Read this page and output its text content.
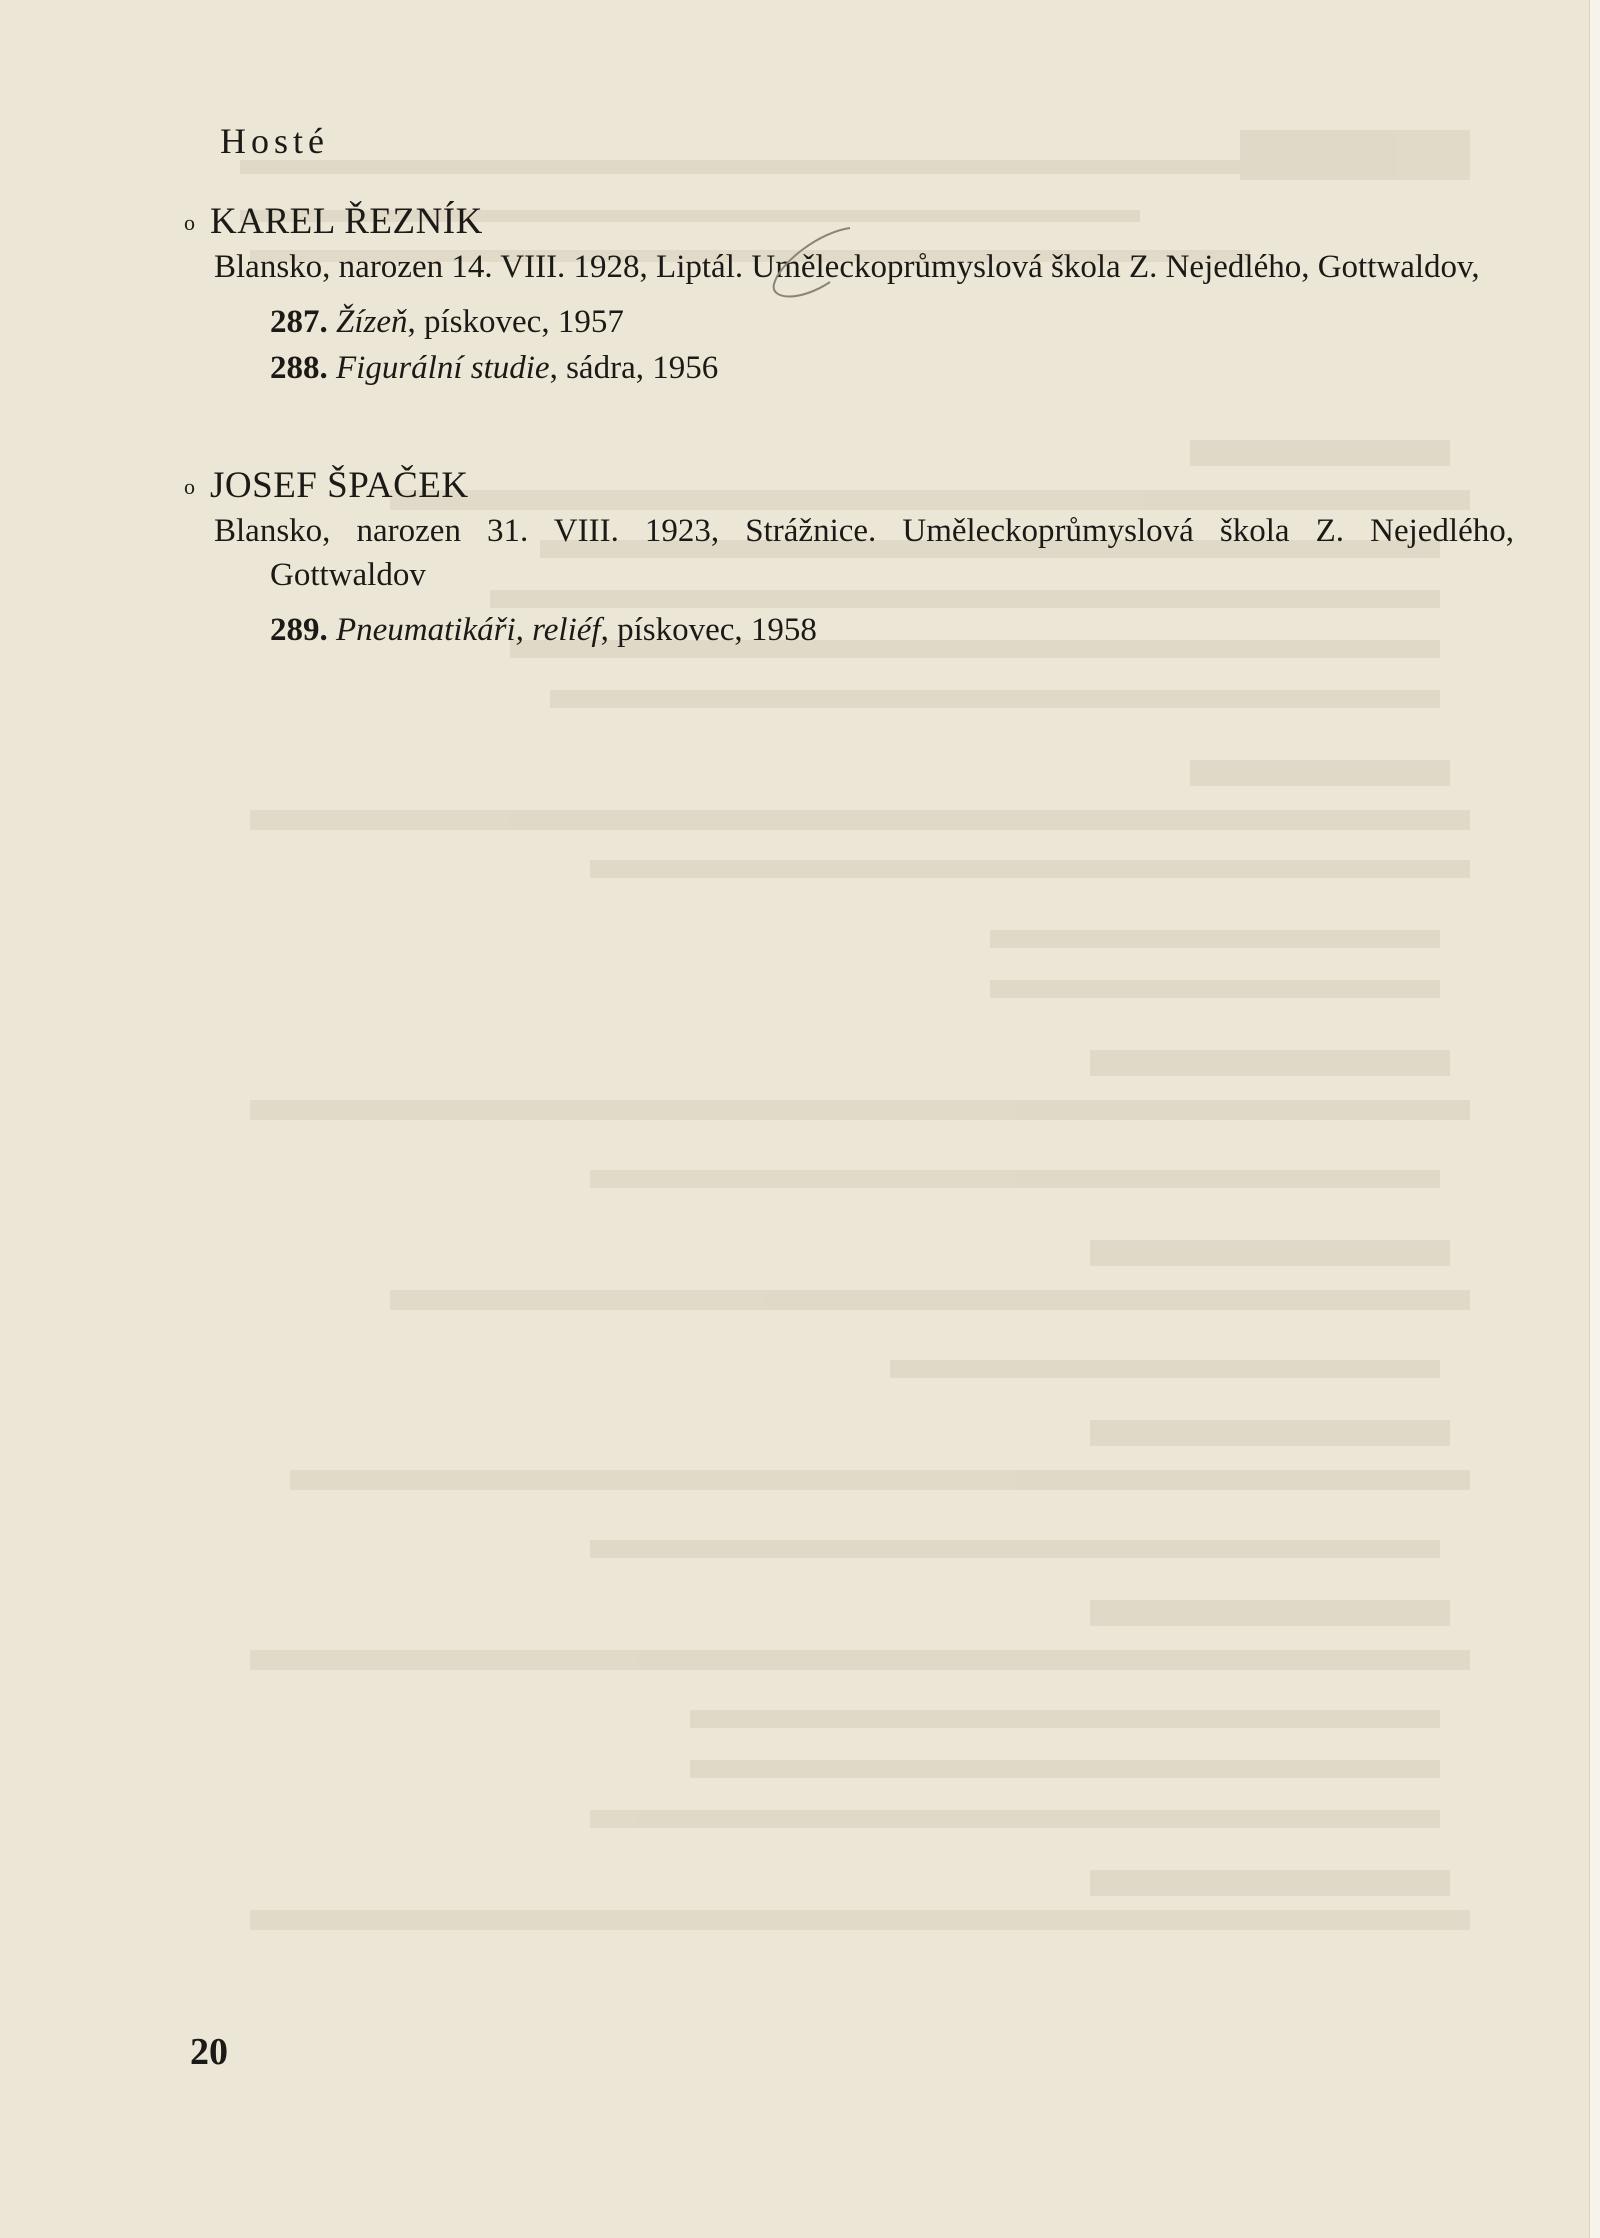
Hosté
o KAREL ŘEZNÍK
Blansko, narozen 14. VIII. 1928, Liptál. Uměleckoprůmyslová škola Z. Nejedlého, Gottwaldov,
287. Žízeň, pískovec, 1957
288. Figurální studie, sádra, 1956
o JOSEF ŠPAČEK
Blansko, narozen 31. VIII. 1923, Strážnice. Uměleckoprůmyslová škola Z. Nejedlého, Gottwaldov
289. Pneumatikáři, reliéf, pískovec, 1958
20
